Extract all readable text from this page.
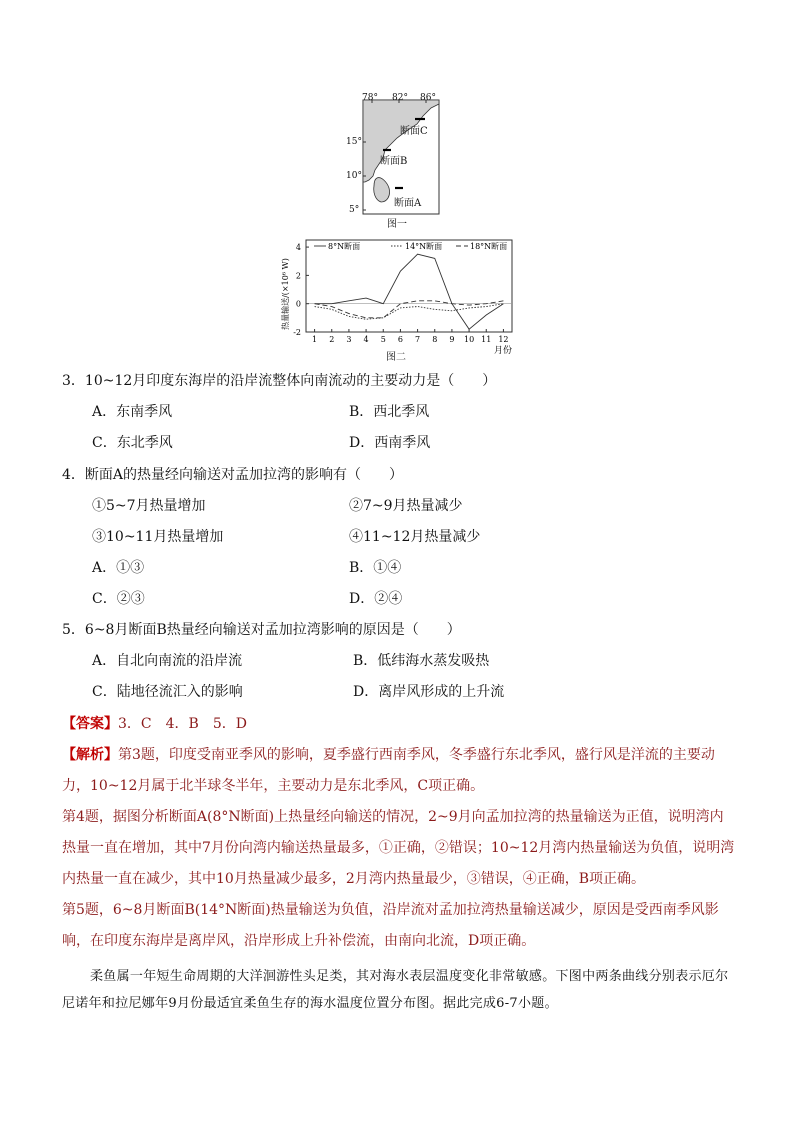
78° 82° 86°
15°
10°
5°
断面C
断面B
断面A
图一
4
2
0
-2
1 2 3 4 5 6 7 8 9 10 11 12
月份
热量输送/(×10⁶ W)
8°N断面	14°N断面	18°N断面
图二
3．10~12月印度东海岸的沿岸流整体向南流动的主要动力是（　　）
A．东南季风	B．西北季风
C．东北季风	D．西南季风
4．断面A的热量经向输送对孟加拉湾的影响有（　　）
①5~7月热量增加	②7~9月热量减少
③10~11月热量增加	④11~12月热量减少
A．①③	B．①④
C．②③	D．②④
5．6~8月断面B热量经向输送对孟加拉湾影响的原因是（　　）
A．自北向南流的沿岸流	B．低纬海水蒸发吸热
C．陆地径流汇入的影响	D．离岸风形成的上升流
【答案】3．C　4．B　5．D
【解析】第3题，印度受南亚季风的影响，夏季盛行西南季风，冬季盛行东北季风，盛行风是洋流的主要动力，10~12月属于北半球冬半年，主要动力是东北季风，C项正确。
第4题，据图分析断面A(8°N断面)上热量经向输送的情况，2~9月向孟加拉湾的热量输送为正值，说明湾内热量一直在增加，其中7月份向湾内输送热量最多，①正确，②错误；10~12月湾内热量输送为负值，说明湾内热量一直在减少，其中10月热量减少最多，2月湾内热量最少，③错误，④正确，B项正确。
第5题，6~8月断面B(14°N断面)热量输送为负值，沿岸流对孟加拉湾热量输送减少，原因是受西南季风影响，在印度东海岸是离岸风，沿岸形成上升补偿流，由南向北流，D项正确。
柔鱼属一年短生命周期的大洋洄游性头足类，其对海水表层温度变化非常敏感。下图中两条曲线分别表示厄尔尼诺年和拉尼娜年9月份最适宜柔鱼生存的海水温度位置分布图。据此完成6-7小题。
